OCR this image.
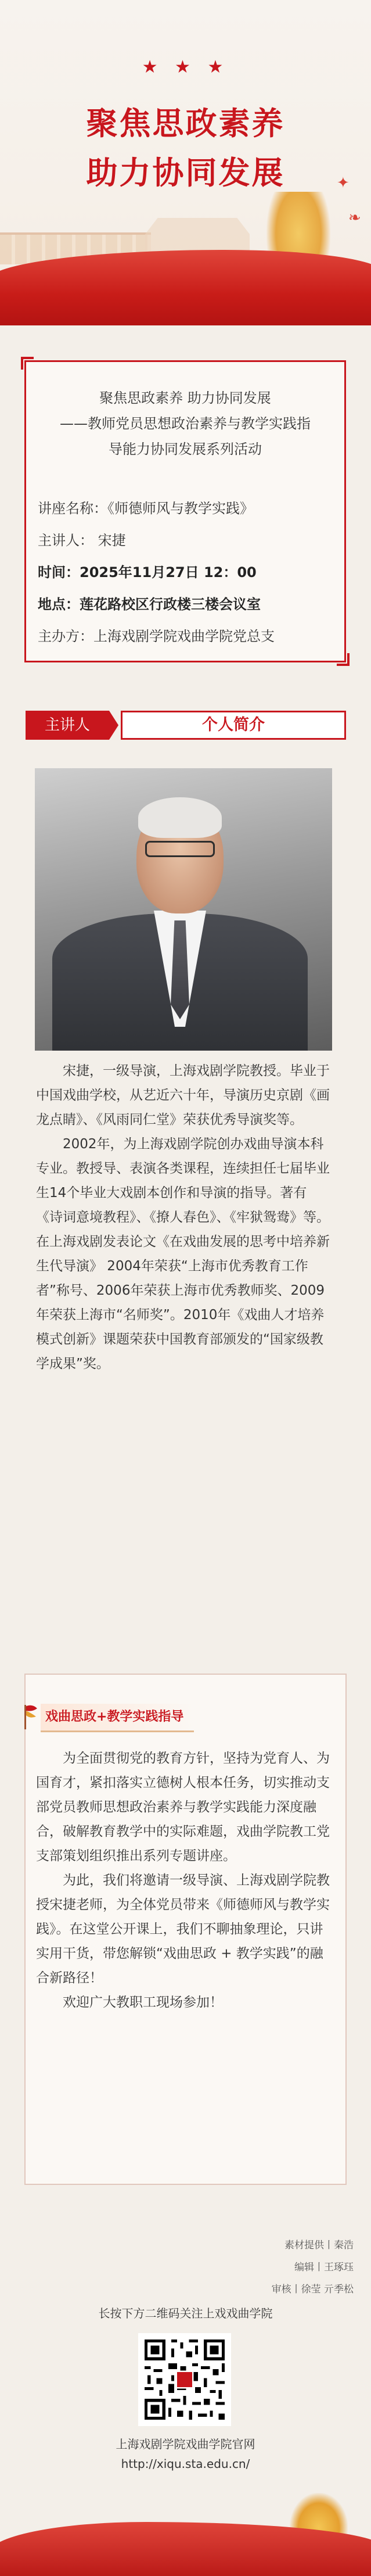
★ ★ ★
聚焦思政素养
助力协同发展	✦
❧
聚焦思政素养 助力协同发展
——教师党员思想政治素养与教学实践指
导能力协同发展系列活动
讲座名称：《师德师风与教学实践》
主讲人： 宋捷
时间：2025年11月27日 12：00
地点：莲花路校区行政楼三楼会议室
主办方：上海戏剧学院戏曲学院党总支
主讲人	个人简介

宋捷，一级导演，上海戏剧学院教授。毕业于中国戏曲学校，从艺近六十年，导演历史京剧《画龙点睛》、《风雨同仁堂》荣获优秀导演奖等。

2002年，为上海戏剧学院创办戏曲导演本科专业。教授导、表演各类课程，连续担任七届毕业生14个毕业大戏剧本创作和导演的指导。著有《诗词意境教程》、《撩人春色》、《牢狱鸳鸯》等。在上海戏剧发表论文《在戏曲发展的思考中培养新生代导演》 2004年荣获“上海市优秀教育工作者”称号、2006年荣获上海市优秀教师奖、2009年荣获上海市“名师奖”。2010年《戏曲人才培养模式创新》课题荣获中国教育部颁发的“国家级教学成果”奖。

戏曲思政+教学实践指导

为全面贯彻党的教育方针，坚持为党育人、为国育才，紧扣落实立德树人根本任务，切实推动支部党员教师思想政治素养与教学实践能力深度融合，破解教育教学中的实际难题，戏曲学院教工党支部策划组织推出系列专题讲座。

为此，我们将邀请一级导演、上海戏剧学院教授宋捷老师，为全体党员带来《师德师风与教学实践》。在这堂公开课上，我们不聊抽象理论，只讲实用干货，带您解锁“戏曲思政 + 教学实践”的融合新路径！

欢迎广大教职工现场参加！

素材提供丨秦浩
编辑丨王琢珏
审核丨徐莹 亓季松
长按下方二维码关注上戏戏曲学院
上海戏剧学院戏曲学院官网
http://xiqu.sta.edu.cn/
